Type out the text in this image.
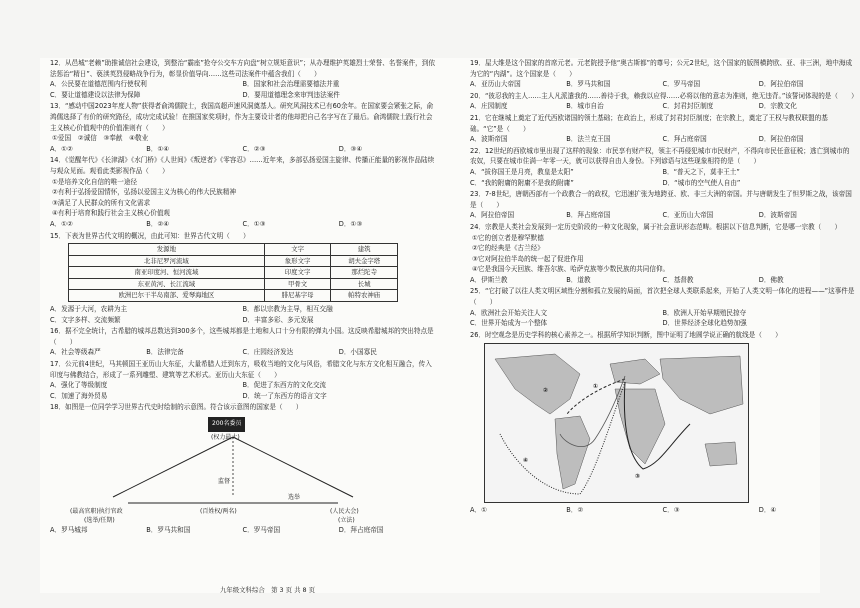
12．从邑城“老赖”助推诚信社会建设，到整治“霸座”抢夺公交车方向盘“树立规矩意识”；从办理维护英雄烈士荣誉、名誉案件，到依法惩治“精日”、亵渎英烈侵略战争行为，彰显价值导向……这些司法案件中蕴含我们（　　）

A．公民要在道德范围内行使权利	B．国家和社会治理需要德法并重
C．要让道德建设以法律为保障	D．要用道德理念来审判违法案件

13．“感动中国2023年度人物”获得者俞鸿儒院士，我国高超声速风洞奠基人。研究风洞技术已有60余年。在国家要会紧张之际，俞鸿儒选择了有价的研究路径，成功完成试验！在推国家奖项时，作为主要设计者的他却把自己名字写在了最后。俞鸿儒院士践行社会主义核心价值观中的价值准则有（　　）

①爱国　②诚信　③奉献　④敬业

A．①②	B．①④	C．②③	D．③④

14．《觉醒年代》《长津湖》《水门桥》《人世间》《叛逆者》《零容忍》……近年来，多部弘扬爱国主旋律、传播正能量的影视作品陆续与观众见面。观看此类影视作品（　　）

①是培养文化自信的唯一途径

②有利于弘扬爱国情怀，弘扬以爱国主义为核心的伟大民族精神

③满足了人民群众的所有文化需求

④有利于培育和践行社会主义核心价值观

A．①②	B．②④	C．①③	D．①③

15．下表为世界古代文明的概况，由此可知：世界古代文明（　　）

发源地	文字	建筑
北非尼罗河流域	象形文字	胡夫金字塔
南亚印度河、恒河流域	印度文字	那烂陀寺
东亚黄河、长江流域	甲骨文	长城
欧洲巴尔干半岛南部、爱琴海地区	腓尼基字母	帕特农神庙
A．发源于大河，农耕为主	B．都以宗教为主导，相互交融
C．文字多样、交流频繁	D．丰富多彩、多元发展

16．据不完全统计，古希腊的城邦总数达到300多个，这些城邦都是土地和人口十分有限的弹丸小国。这反映希腊城邦的突出特点是（　　）

A．社会等级森严	B．法律完备	C．庄园经济发达	D．小国寡民

17．公元前4世纪，马其顿国王亚历山大东征，大量希腊人迁到东方，吸收当地的文化与风俗，希腊文化与东方文化相互融合，传入印度与佛教结合，形成了一系列雕塑、建筑等艺术形式。亚历山大东征（　　）

A．强化了等级制度	B．促进了东西方的文化交流
C．加速了海外贸易	D．统一了东西方的语言文字

18．如图是一位同学学习世界古代史时绘制的示意图。符合该示意图的国家是（　　）

200名委员
(权力最大)
(最高官职)执行官政
(选举/任期)
(百姓权/两名)	(人民大会)
(立法)
监督
选举
A．罗马城邦	B．罗马共和国	C．罗马帝国	D．拜占庭帝国

19．屋大维是这个国家的首席元老。元老院授予他“奥古斯都”的尊号；公元2世纪，这个国家的版图横跨欧、亚、非三洲，地中海成为它的“内湖”。这个国家是（　　）

A．亚历山大帝国	B．罗马共和国	C．罗马帝国	D．阿拉伯帝国

20．“彼忍我的主人……主人凡派遣我的……善待于我，赖我以应得……必将以他的意志为准则，绝无违背。”该誓词体现的是（　　）

A．庄园制度	B．城市自治	C．封君封臣制度	D．宗教文化

21．它在继城上奠定了近代西欧诸国的领土基础；在政治上，形成了封君封臣制度；在宗教上，奠定了王权与教权联盟的基础。“它”是（　　）

A．波斯帝国	B．法兰克王国	C．拜占庭帝国	D．阿拉伯帝国

22．12世纪的西欧城市里出现了这样的现象：市民享有财产权，领主不再侵犯城市市民财产，不得向市民任意征税；逃亡到城市的农奴，只要在城市住满一年零一天，就可以获得自由人身份。下列谚语与这些现象相符的是（　　）

A．“拔你国王是月亮，教皇是太阳”	B．“普天之下，莫非王土”
C．“我的附庸的附庸不是我的附庸”	D．“城市的空气使人自由”

23．7-8世纪，唐朝西部有一个政教合一的政权，它迅速扩张为地跨亚、欧、非三大洲的帝国。并与唐朝发生了怛罗斯之战，该帝国是（　　）

A．阿拉伯帝国	B．拜占庭帝国	C．亚历山大帝国	D．波斯帝国

24．宗教是人类社会发展到一定历史阶段的一种文化现象，属于社会意识形态范畴。根据以下信息判断，它是哪一宗教（　　）

①它的创立者是穆罕默德

②它的经典是《古兰经》

③它对阿拉伯半岛的统一起了促进作用

④它是我国今天回族、维吾尔族、哈萨克族等少数民族的共同信仰。

A．伊斯兰教	B．道教	C．基督教	D．佛教

25．“它打破了以往人类文明区域性分割和孤立发展的局面，首次把全球人类联系起来，开始了人类文明一体化的进程——”这事件是（　　）

A．欧洲社会开始关注人文	B．欧洲人开始早期殖民掠夺
C．世界开始成为一个整体	D．世界经济全球化趋势加强

26．时空观念是历史学科的核心素养之一。根据所学知识判断，图中证明了地圆学说正确的航线是（　　）

①
②
③
④
A．①	B．②	C．③	D．④
九年级文科综合　第 3 页 共 8 页
